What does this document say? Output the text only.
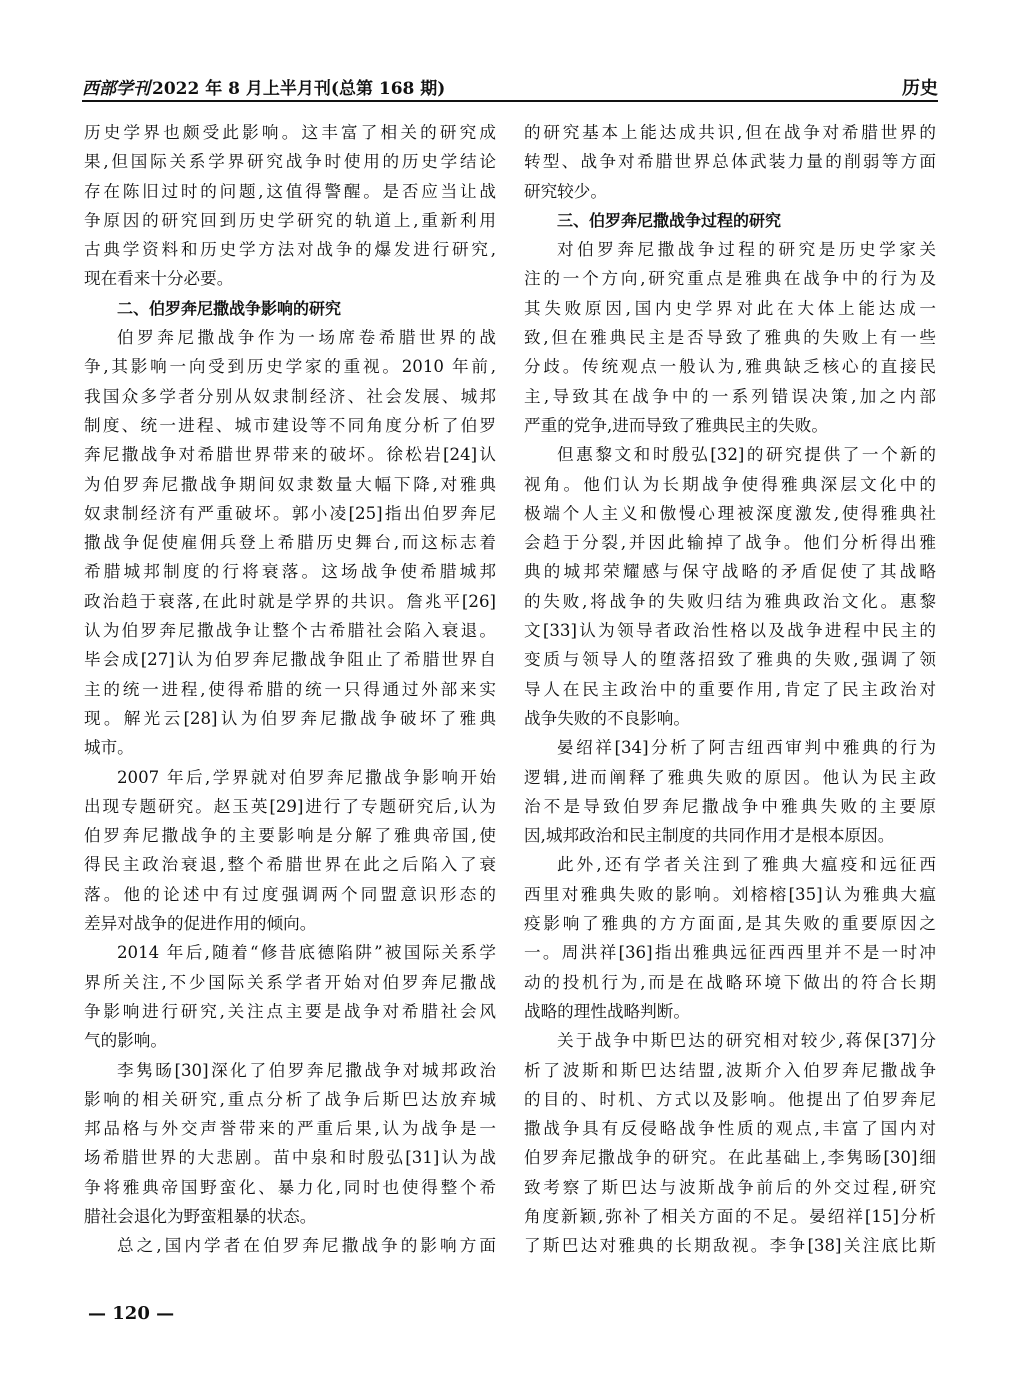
西部学刊 2022 年 8 月上半月刊(总第 168 期)	历史
历史学界也颇受此影响。这丰富了相关的研究成
果,但国际关系学界研究战争时使用的历史学结论
存在陈旧过时的问题,这值得警醒。是否应当让战
争原因的研究回到历史学研究的轨道上,重新利用
古典学资料和历史学方法对战争的爆发进行研究,
现在看来十分必要。
二、伯罗奔尼撒战争影响的研究
伯罗奔尼撒战争作为一场席卷希腊世界的战
争,其影响一向受到历史学家的重视。2010 年前,
我国众多学者分别从奴隶制经济、社会发展、城邦
制度、统一进程、城市建设等不同角度分析了伯罗
奔尼撒战争对希腊世界带来的破坏。徐松岩[24]认
为伯罗奔尼撒战争期间奴隶数量大幅下降,对雅典
奴隶制经济有严重破坏。郭小凌[25]指出伯罗奔尼
撒战争促使雇佣兵登上希腊历史舞台,而这标志着
希腊城邦制度的行将衰落。这场战争使希腊城邦
政治趋于衰落,在此时就是学界的共识。詹兆平[26]
认为伯罗奔尼撒战争让整个古希腊社会陷入衰退。
毕会成[27]认为伯罗奔尼撒战争阻止了希腊世界自
主的统一进程,使得希腊的统一只得通过外部来实
现。解光云[28]认为伯罗奔尼撒战争破坏了雅典
城市。
2007 年后,学界就对伯罗奔尼撒战争影响开始
出现专题研究。赵玉英[29]进行了专题研究后,认为
伯罗奔尼撒战争的主要影响是分解了雅典帝国,使
得民主政治衰退,整个希腊世界在此之后陷入了衰
落。他的论述中有过度强调两个同盟意识形态的
差异对战争的促进作用的倾向。
2014 年后,随着“修昔底德陷阱”被国际关系学
界所关注,不少国际关系学者开始对伯罗奔尼撒战
争影响进行研究,关注点主要是战争对希腊社会风
气的影响。
李隽旸[30]深化了伯罗奔尼撒战争对城邦政治
影响的相关研究,重点分析了战争后斯巴达放弃城
邦品格与外交声誉带来的严重后果,认为战争是一
场希腊世界的大悲剧。苗中泉和时殷弘[31]认为战
争将雅典帝国野蛮化、暴力化,同时也使得整个希
腊社会退化为野蛮粗暴的状态。
总之,国内学者在伯罗奔尼撒战争的影响方面
的研究基本上能达成共识,但在战争对希腊世界的
转型、战争对希腊世界总体武装力量的削弱等方面
研究较少。
三、伯罗奔尼撒战争过程的研究
对伯罗奔尼撒战争过程的研究是历史学家关
注的一个方向,研究重点是雅典在战争中的行为及
其失败原因,国内史学界对此在大体上能达成一
致,但在雅典民主是否导致了雅典的失败上有一些
分歧。传统观点一般认为,雅典缺乏核心的直接民
主,导致其在战争中的一系列错误决策,加之内部
严重的党争,进而导致了雅典民主的失败。
但惠黎文和时殷弘[32]的研究提供了一个新的
视角。他们认为长期战争使得雅典深层文化中的
极端个人主义和傲慢心理被深度激发,使得雅典社
会趋于分裂,并因此输掉了战争。他们分析得出雅
典的城邦荣耀感与保守战略的矛盾促使了其战略
的失败,将战争的失败归结为雅典政治文化。惠黎
文[33]认为领导者政治性格以及战争进程中民主的
变质与领导人的堕落招致了雅典的失败,强调了领
导人在民主政治中的重要作用,肯定了民主政治对
战争失败的不良影响。
晏绍祥[34]分析了阿吉纽西审判中雅典的行为
逻辑,进而阐释了雅典失败的原因。他认为民主政
治不是导致伯罗奔尼撒战争中雅典失败的主要原
因,城邦政治和民主制度的共同作用才是根本原因。
此外,还有学者关注到了雅典大瘟疫和远征西
西里对雅典失败的影响。刘榕榕[35]认为雅典大瘟
疫影响了雅典的方方面面,是其失败的重要原因之
一。周洪祥[36]指出雅典远征西西里并不是一时冲
动的投机行为,而是在战略环境下做出的符合长期
战略的理性战略判断。
关于战争中斯巴达的研究相对较少,蒋保[37]分
析了波斯和斯巴达结盟,波斯介入伯罗奔尼撒战争
的目的、时机、方式以及影响。他提出了伯罗奔尼
撒战争具有反侵略战争性质的观点,丰富了国内对
伯罗奔尼撒战争的研究。在此基础上,李隽旸[30]细
致考察了斯巴达与波斯战争前后的外交过程,研究
角度新颖,弥补了相关方面的不足。晏绍祥[15]分析
了斯巴达对雅典的长期敌视。李争[38]关注底比斯
— 120 —
